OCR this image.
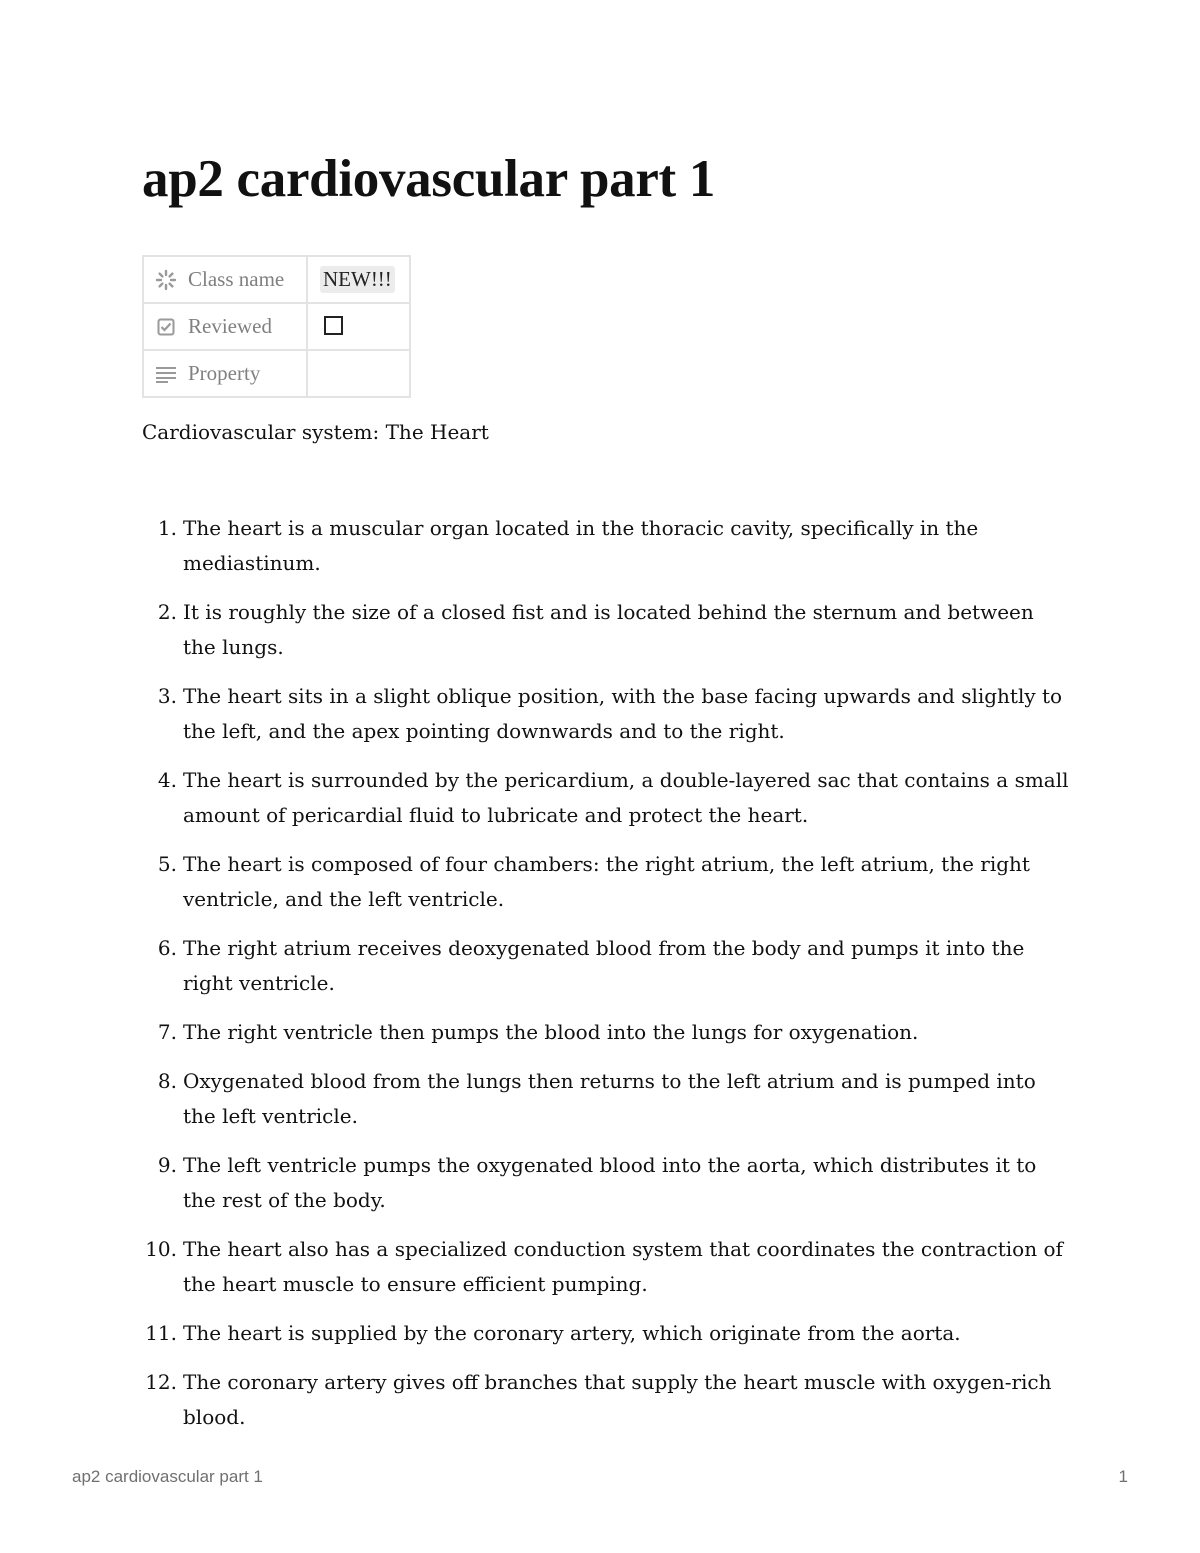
ap2 cardiovascular part 1
Class name	NEW!!!

Reviewed	

Property	

Cardiovascular system: The Heart

1. The heart is a muscular organ located in the thoracic cavity, specifically in the mediastinum.
2. It is roughly the size of a closed fist and is located behind the sternum and between the lungs.
3. The heart sits in a slight oblique position, with the base facing upwards and slightly to the left, and the apex pointing downwards and to the right.
4. The heart is surrounded by the pericardium, a double-layered sac that contains a small amount of pericardial fluid to lubricate and protect the heart.
5. The heart is composed of four chambers: the right atrium, the left atrium, the right ventricle, and the left ventricle.
6. The right atrium receives deoxygenated blood from the body and pumps it into the right ventricle.
7. The right ventricle then pumps the blood into the lungs for oxygenation.
8. Oxygenated blood from the lungs then returns to the left atrium and is pumped into the left ventricle.
9. The left ventricle pumps the oxygenated blood into the aorta, which distributes it to the rest of the body.
10. The heart also has a specialized conduction system that coordinates the contraction of the heart muscle to ensure efficient pumping.
11. The heart is supplied by the coronary artery, which originate from the aorta.
12. The coronary artery gives off branches that supply the heart muscle with oxygen-rich blood.
ap2 cardiovascular part 1	1
